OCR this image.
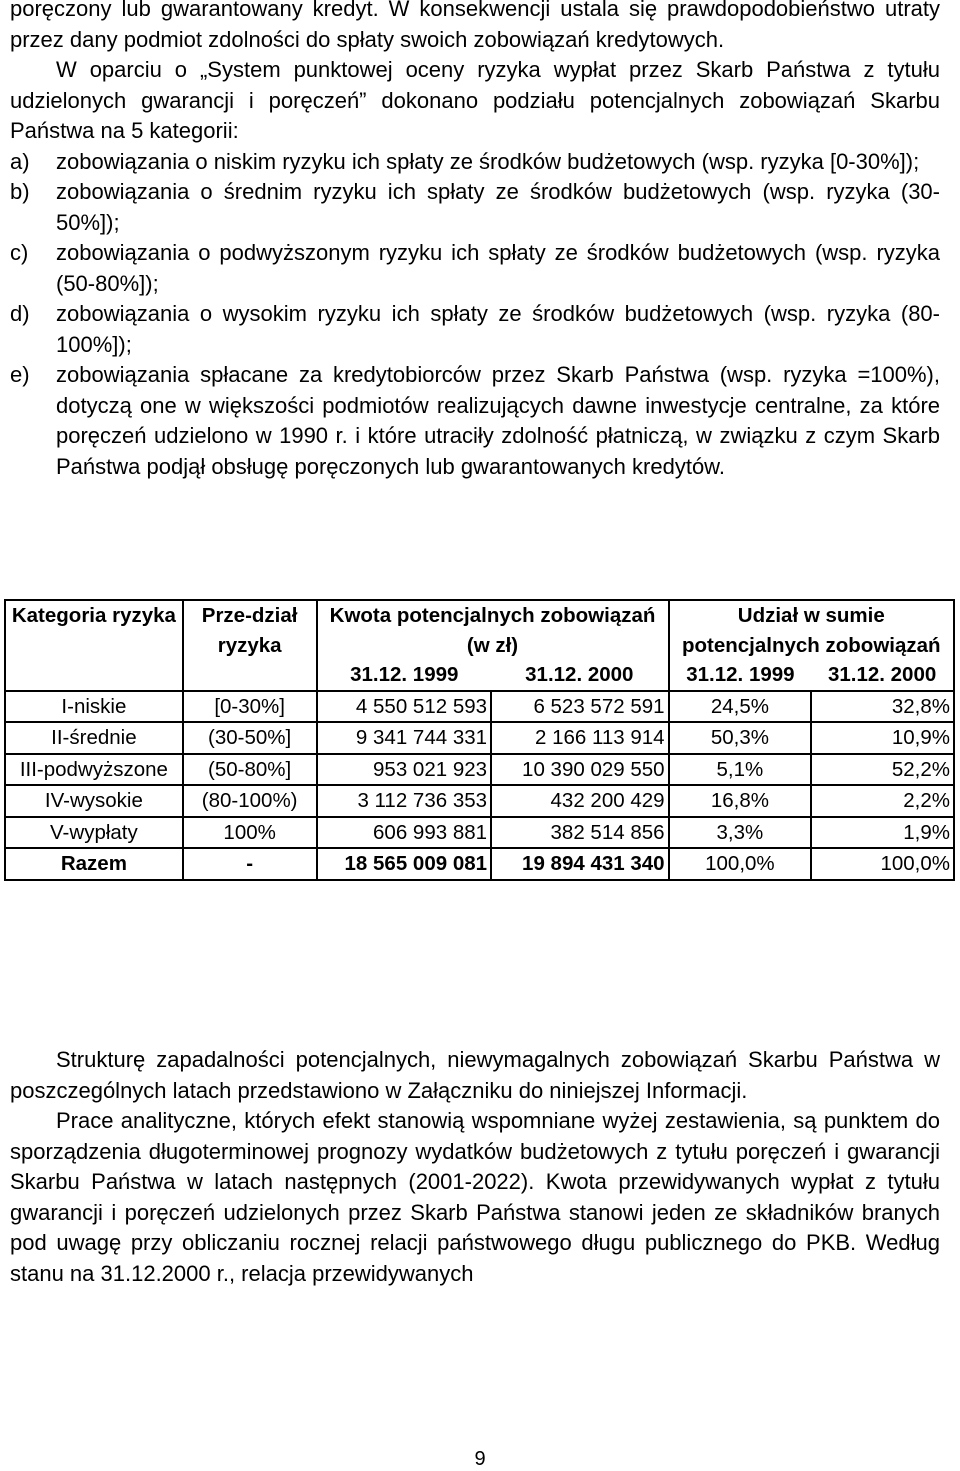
poręczony lub gwarantowany kredyt. W konsekwencji ustala się prawdopodobieństwo utraty przez dany podmiot zdolności do spłaty swoich zobowiązań kredytowych.

W oparciu o „System punktowej oceny ryzyka wypłat przez Skarb Państwa z tytułu udzielonych gwarancji i poręczeń” dokonano podziału potencjalnych zobowiązań Skarbu Państwa na 5 kategorii:

a) zobowiązania o niskim ryzyku ich spłaty ze środków budżetowych (wsp. ryzyka [0-30%]);
b) zobowiązania o średnim ryzyku ich spłaty ze środków budżetowych (wsp. ryzyka (30-50%]);
c) zobowiązania o podwyższonym ryzyku ich spłaty ze środków budżetowych (wsp. ryzyka (50-80%]);
d) zobowiązania o wysokim ryzyku ich spłaty ze środków budżetowych (wsp. ryzyka (80-100%]);
e) zobowiązania spłacane za kredytobiorców przez Skarb Państwa (wsp. ryzyka =100%), dotyczą one w większości podmiotów realizujących dawne inwestycje centralne, za które poręczeń udzielono w 1990 r. i które utraciły zdolność płatniczą, w związku z czym Skarb Państwa podjął obsługę poręczonych lub gwarantowanych kredytów.
Kategoria ryzyka	Prze-dział ryzyka	Kwota potencjalnych zobowiązań (w zł)		Udział w sumie potencjalnych zobowiązań	
		31.12. 1999	31.12. 2000	31.12. 1999	31.12. 2000
I-niskie	[0-30%]	4 550 512 593	6 523 572 591	24,5%	32,8%
II-średnie	(30-50%]	9 341 744 331	2 166 113 914	50,3%	10,9%
III-podwyższone	(50-80%]	953 021 923	10 390 029 550	5,1%	52,2%
IV-wysokie	(80-100%)	3 112 736 353	432 200 429	16,8%	2,2%
V-wypłaty	100%	606 993 881	382 514 856	3,3%	1,9%
Razem	-	18 565 009 081	19 894 431 340	100,0%	100,0%

Strukturę zapadalności potencjalnych, niewymagalnych zobowiązań Skarbu Państwa w poszczególnych latach przedstawiono w Załączniku do niniejszej Informacji.

Prace analityczne, których efekt stanowią wspomniane wyżej zestawienia, są punktem do sporządzenia długoterminowej prognozy wydatków budżetowych z tytułu poręczeń i gwarancji Skarbu Państwa w latach następnych (2001-2022). Kwota przewidywanych wypłat z tytułu gwarancji i poręczeń udzielonych przez Skarb Państwa stanowi jeden ze składników branych pod uwagę przy obliczaniu rocznej relacji państwowego długu publicznego do PKB. Według stanu na 31.12.2000 r., relacja przewidywanych

9
